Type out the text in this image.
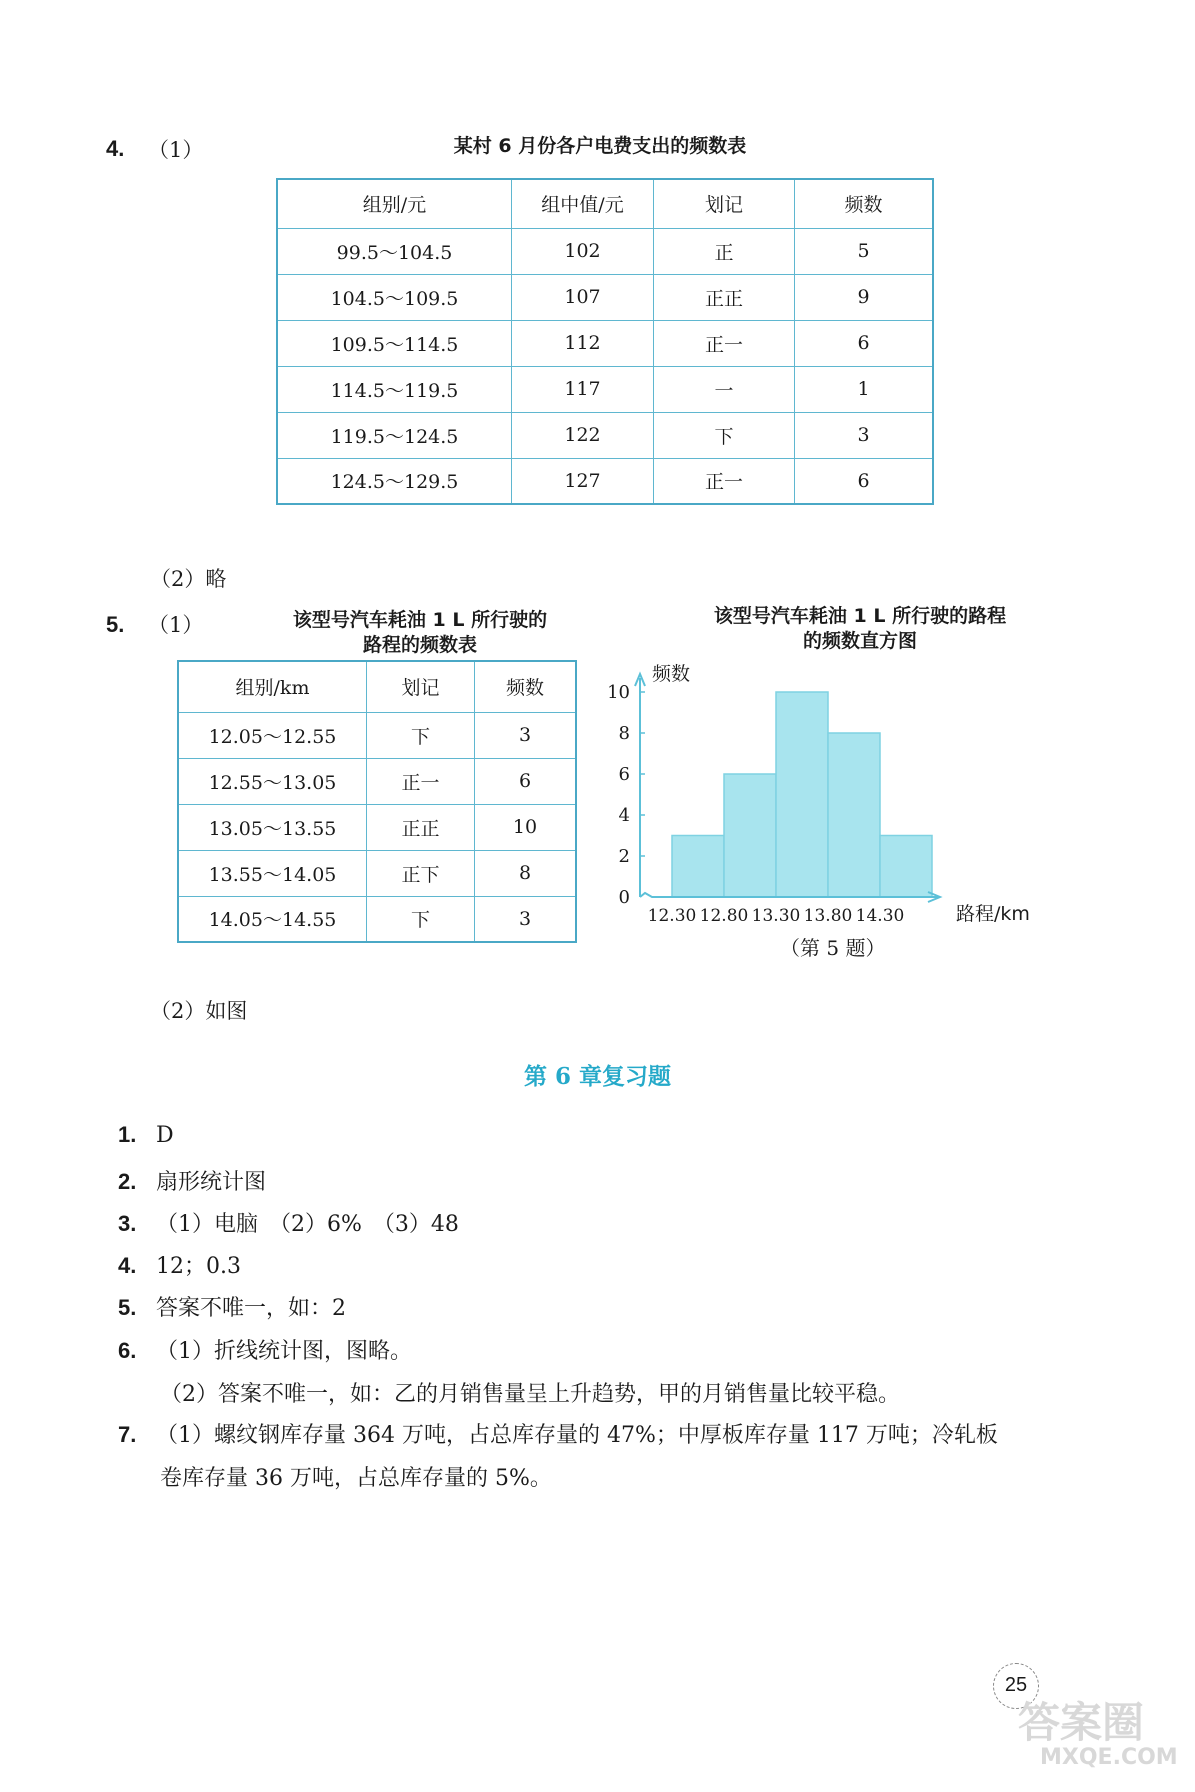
4. （1）	某村 6 月份各户电费支出的频数表
组别/元	组中值/元	划记	频数
99.5～104.5	102	正	5
104.5～109.5	107	正正	9
109.5～114.5	112	正一	6
114.5～119.5	117	一	1
119.5～124.5	122	下	3
124.5～129.5	127	正一	6
（2）略
5. （1）	该型号汽车耗油 1 L 所行驶的
路程的频数表
组别/km	划记	频数
12.05～12.55	下	3
12.55～13.05	正一	6
13.05～13.55	正正	10
13.55～14.05	正下	8
14.05～14.55	下	3
该型号汽车耗油 1 L 所行驶的路程
的频数直方图
0
2
4
6
8
10
12.30 12.80 13.30 13.80 14.30
频数
路程/km
（第 5 题）
（2）如图
第 6 章复习题
1. D
2. 扇形统计图
3. （1）电脑　（2）6%　（3）48
4. 12；0.3
5. 答案不唯一，如：2
6. （1）折线统计图，图略。
（2）答案不唯一，如：乙的月销售量呈上升趋势，甲的月销售量比较平稳。
7. （1）螺纹钢库存量 364 万吨，占总库存量的 47%；中厚板库存量 117 万吨；冷轧板
卷库存量 36 万吨，占总库存量的 5%。
25
答案圈
MXQE.COM
